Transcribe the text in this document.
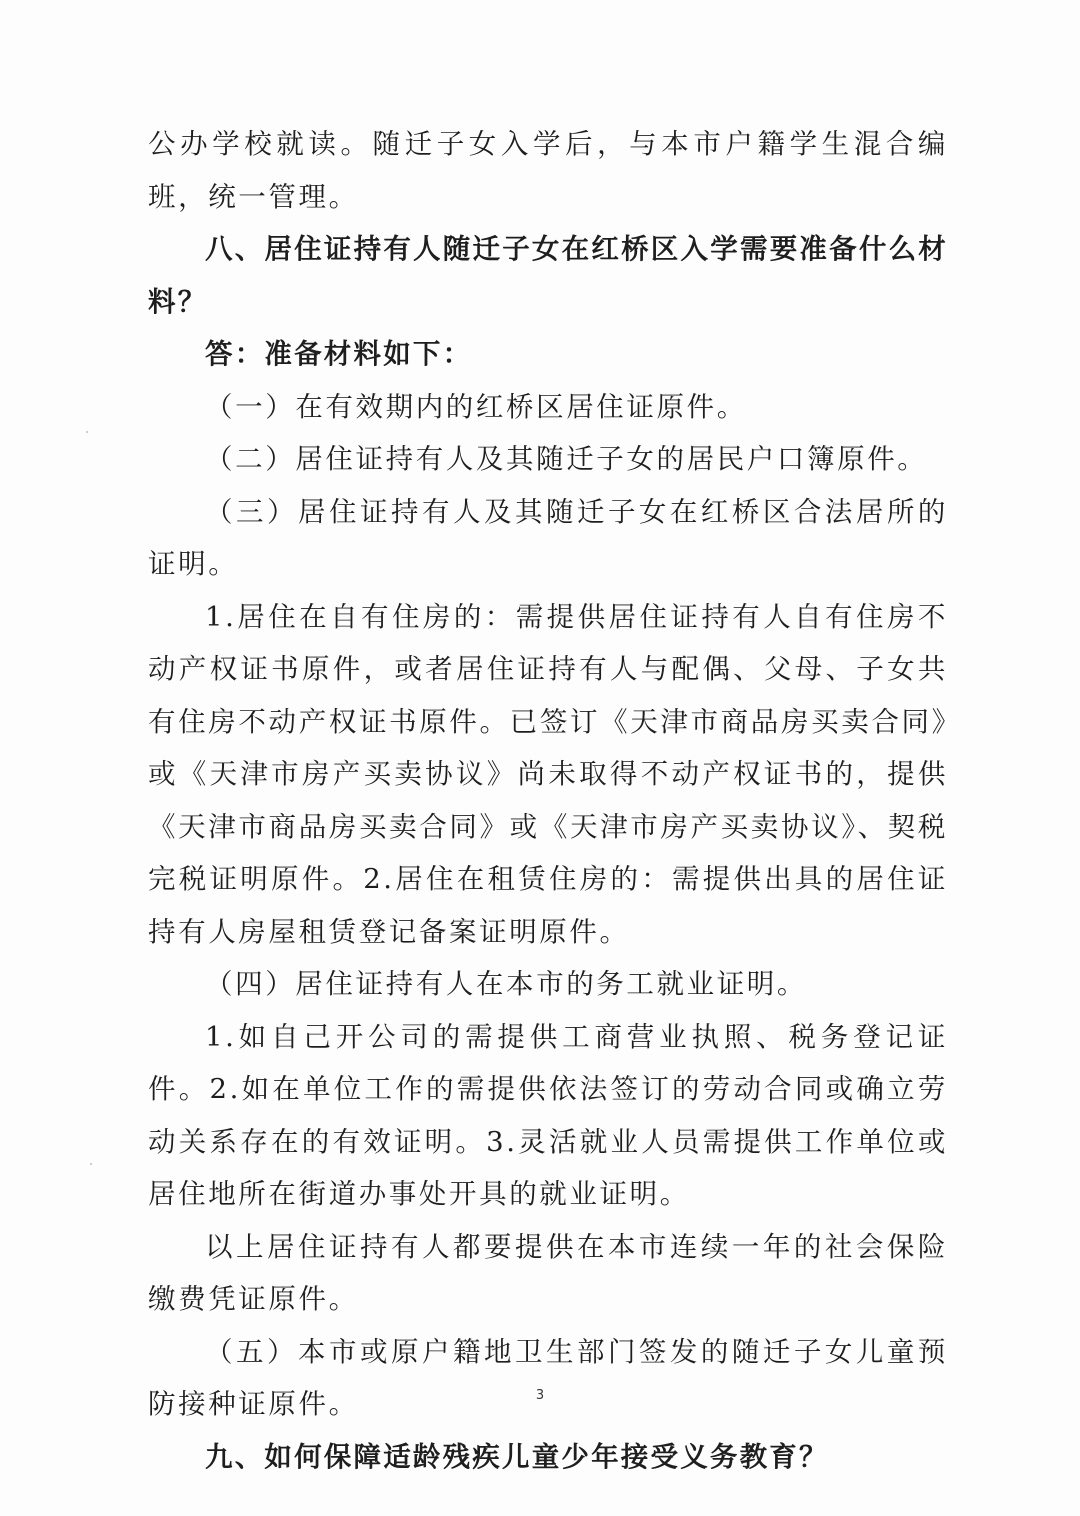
公办学校就读。随迁子女入学后，与本市户籍学生混合编班，统一管理。

八、居住证持有人随迁子女在红桥区入学需要准备什么材料？

答：准备材料如下：

（一）在有效期内的红桥区居住证原件。

（二）居住证持有人及其随迁子女的居民户口簿原件。

（三）居住证持有人及其随迁子女在红桥区合法居所的证明。

1.居住在自有住房的：需提供居住证持有人自有住房不动产权证书原件，或者居住证持有人与配偶、父母、子女共有住房不动产权证书原件。已签订《天津市商品房买卖合同》或《天津市房产买卖协议》尚未取得不动产权证书的，提供《天津市商品房买卖合同》或《天津市房产买卖协议》、契税完税证明原件。2.居住在租赁住房的：需提供出具的居住证持有人房屋租赁登记备案证明原件。

（四）居住证持有人在本市的务工就业证明。

1.如自己开公司的需提供工商营业执照、税务登记证件。2.如在单位工作的需提供依法签订的劳动合同或确立劳动关系存在的有效证明。3.灵活就业人员需提供工作单位或居住地所在街道办事处开具的就业证明。

以上居住证持有人都要提供在本市连续一年的社会保险缴费凭证原件。

（五）本市或原户籍地卫生部门签发的随迁子女儿童预防接种证原件。

九、如何保障适龄残疾儿童少年接受义务教育？

3
